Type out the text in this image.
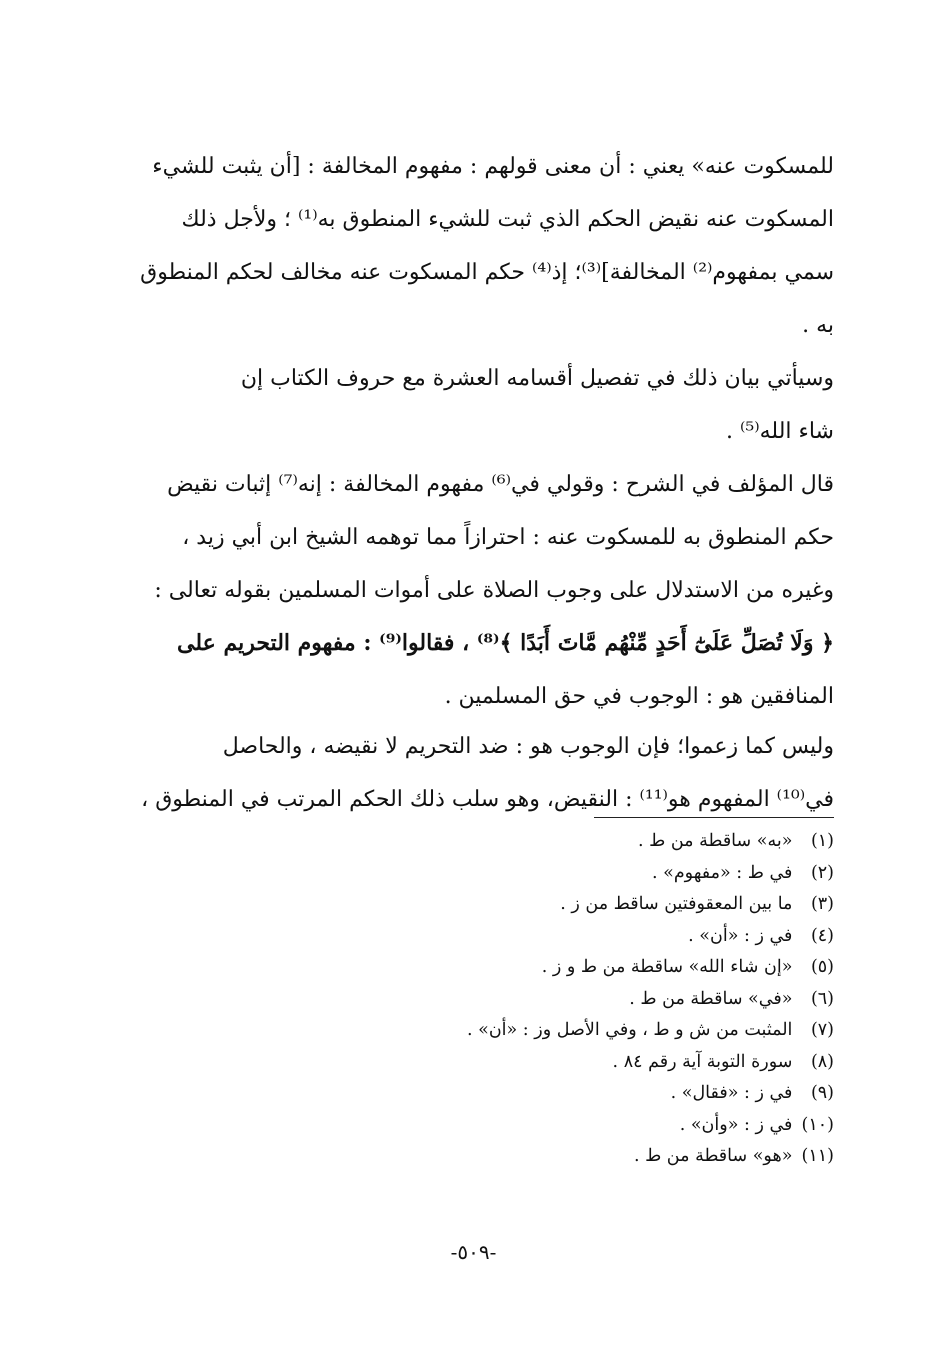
للمسكوت عنه» يعني : أن معنى قولهم : مفهوم المخالفة : [أن يثبت للشيء
المسكوت عنه نقيض الحكم الذي ثبت للشيء المنطوق به⁽¹⁾ ؛ ولأجل ذلك
سمي بمفهوم⁽²⁾ المخالفة]⁽³⁾؛ إذ⁽⁴⁾ حكم المسكوت عنه مخالف لحكم المنطوق
به .

وسيأتي بيان ذلك في تفصيل أقسامه العشرة مع حروف الكتاب إن
شاء الله⁽⁵⁾ .

قال المؤلف في الشرح : وقولي في⁽⁶⁾ مفهوم المخالفة : إنه⁽⁷⁾ إثبات نقيض
حكم المنطوق به للمسكوت عنه : احترازاً مما توهمه الشيخ ابن أبي زيد ،
وغيره من الاستدلال على وجوب الصلاة على أموات المسلمين بقوله تعالى :
﴿ وَلَا تُصَلِّ عَلَىٰٓ أَحَدٍ مِّنْهُم مَّاتَ أَبَدًا ﴾⁽⁸⁾ ، فقالوا⁽⁹⁾ : مفهوم التحريم على
المنافقين هو : الوجوب في حق المسلمين .

وليس كما زعموا؛ فإن الوجوب هو : ضد التحريم لا نقيضه ، والحاصل
في⁽¹⁰⁾ المفهوم هو⁽¹¹⁾ : النقيض، وهو سلب ذلك الحكم المرتب في المنطوق ،

(١) «به» ساقطة من ط .
(٢) في ط : «مفهوم» .
(٣) ما بين المعقوفتين ساقط من ز .
(٤) في ز : «أن» .
(٥) «إن شاء الله» ساقطة من ط و ز .
(٦) «في» ساقطة من ط .
(٧) المثبت من ش و ط ، وفي الأصل وز : «أن» .
(٨) سورة التوبة آية رقم ٨٤ .
(٩) في ز : «فقال» .
(١٠) في ز : «وأن» .
(١١) «هو» ساقطة من ط .
-٥٠٩-
